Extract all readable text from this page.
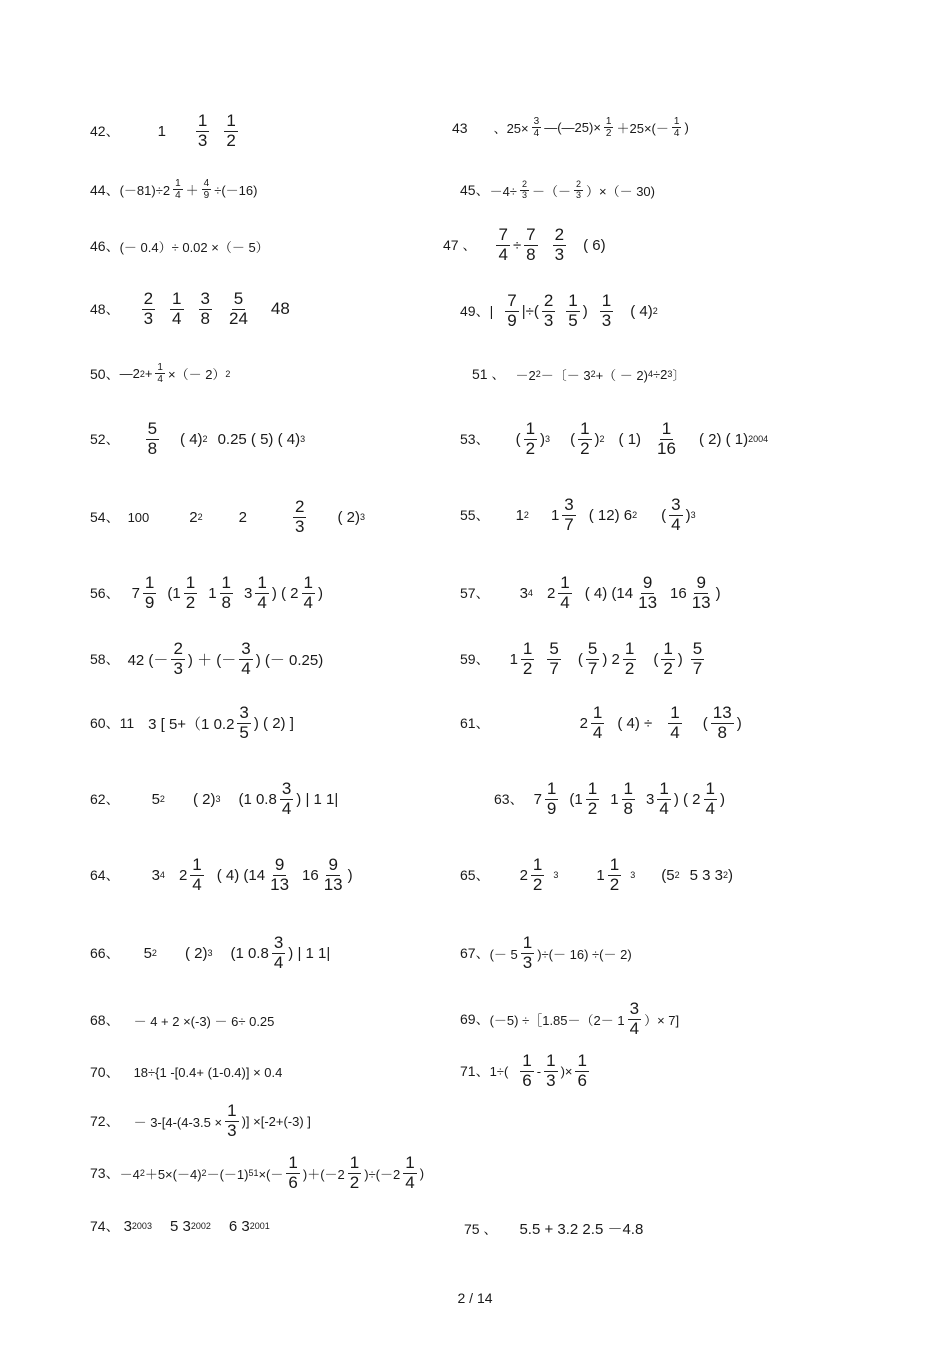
42、	1
1
3
1
2
43 、$25\times \frac{3}{4}$ —(—25)× $\frac{1}{2} +25\times(- 1$
4 )
44、 (－81)÷2 1
$4 + \frac{4}{9} \div(-16)$	45、 $-4\div \frac{2}{3}$ －（－ 2
3 ）×（－ 30)
46、 (－ 0.4）÷ 0.02 ×（－ 5）	47 、 $\frac{7}{4} \div \frac{7}{8} 2$
3 ( 6)
48、
2
3
1
4
3
8
5
24 48	49、|
7
9 |÷(
2
3
1
5 )
1
3 ( 4) 2
50、 —2 $2 + \frac{1}{4}$ ×（－ 2） 2	51 、 －2 2 －〔－ 3 2 +（ － 2) 4 ÷2 3 〕
52、
5
8 ( 4) 2 0.25 ( 5) ( 4) 3	53、 (
1
2 ) 3 (
1
2 ) 2 ( 1)
1
16 ( 2) ( 1) 2004
54、 100	2 2 2
2
3 ( 2) 3	55、 1 2 1
3
7 ( 12) 6 2 (
3
4 ) 3
56、 7
1
9 (1
1
2 1
1
8 3
1
4 ) ( 2
1
4 )	57、 3 4 2
1
4 ( 4) (14
9
13 16
9
13 )
58、 42 (－
2
3 ) ＋ (－
3
4 ) (－ 0.25)	59、 1
1
2
5
7 (
5
7 ) 2
1
2 (
1
2 )
5
7
60、11 3 [ 5+（1 0.2
3
5 ) ( 2) ]	61、	2
1
4 ( $4) \div \frac{1}{4}$ (
13
8 )
62、 5 2 ( 2) 3 (1 0.8
3
4 ) | 1 1|	63、 7
1
9 (1
1
2 1
1
8 3
1
4 ) ( 2
1
4 )
64、 3 4 2
1
4 ( 4) (14
9
13 16
9
13 )	65、 2
1
2 3	1
1
2 3 (5 2 5 3 3 2 )
66、 5 2 ( 2) 3 (1 0.8
3
4 ) | 1 1|	67、 (－ 5
1
3 )÷(－ 16) ÷(－ 2)
68、 － 4 + 2 ×(-3) － 6÷ 0.25	69、 (－5) ÷［1.85－（2－ 1
3
4 ）× 7]
70、 18÷{1 -[0.4+ (1-0.4)] × 0.4	71、 1÷(
1
6 -
1
3 )× $\frac{1}{6}$
72、 － $3-[4-(4-3.5 \times \frac{1}{3}$ )] ×[-2+(-3) ]
73、 －4 2 ＋5×(－4) 2 －(－1) 51 ×(－
1
6 )＋(－2
1
2 )÷(－2
1
4 )
74、 3 2003 5 3 2002 6 3 2001	75 、 5.5 + 3.2 2.5 －4.8
2 / 14
